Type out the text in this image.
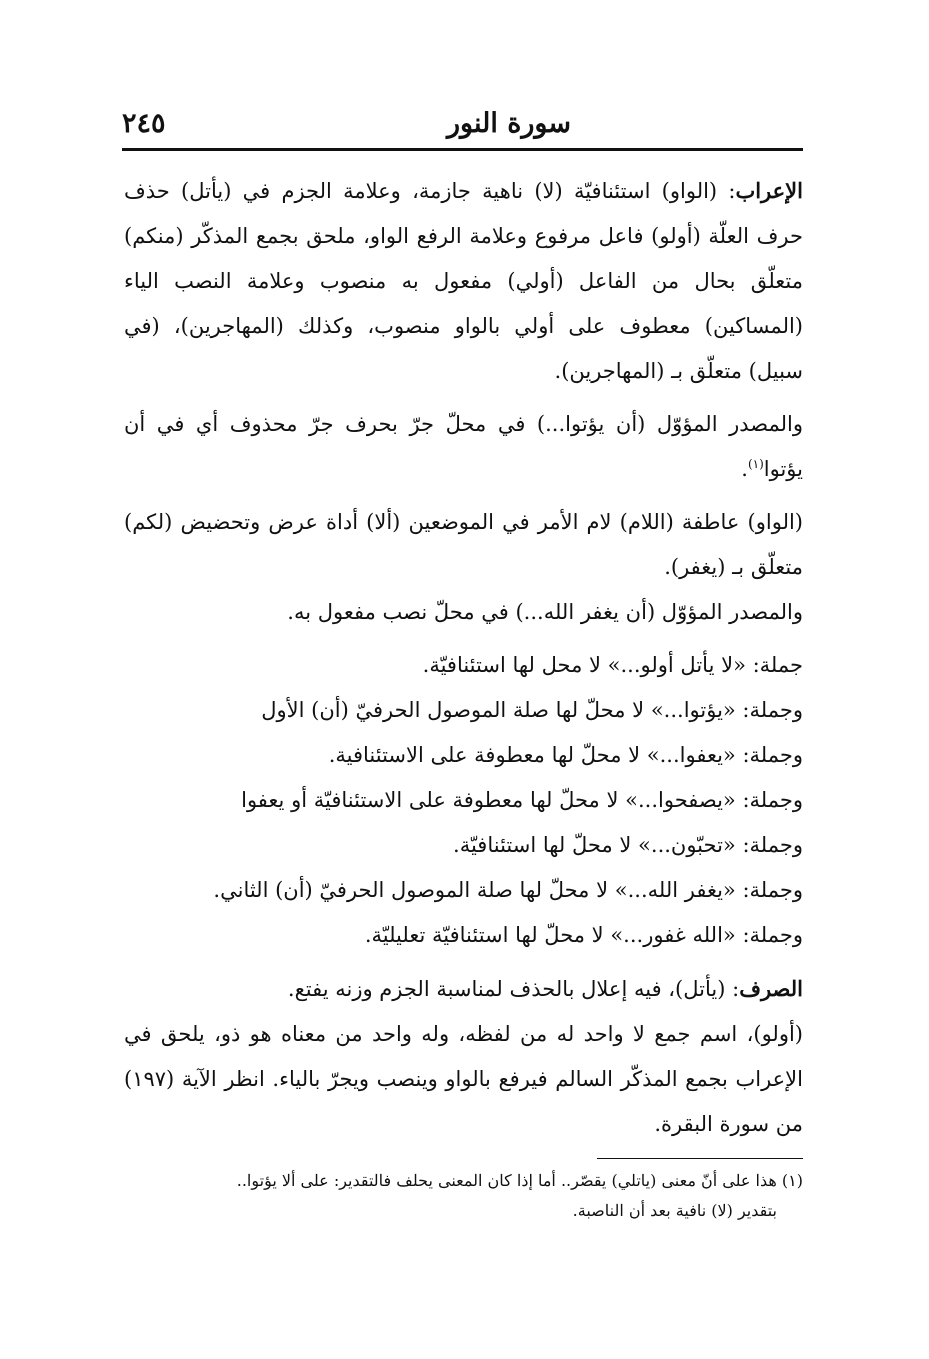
سورة النور
٢٤٥

الإعراب: (الواو) استئنافيّة (لا) ناهية جازمة، وعلامة الجزم في (يأتل) حذف حرف العلّة (أولو) فاعل مرفوع وعلامة الرفع الواو، ملحق بجمع المذكّر (منكم) متعلّق بحال من الفاعل (أولي) مفعول به منصوب وعلامة النصب الياء (المساكين) معطوف على أولي بالواو منصوب، وكذلك (المهاجرين)، (في سبيل) متعلّق بـ (المهاجرين).

والمصدر المؤوّل (أن يؤتوا...) في محلّ جرّ بحرف جرّ محذوف أي في أن يؤتوا$^{(١)}$.

(الواو) عاطفة (اللام) لام الأمر في الموضعين (ألا) أداة عرض وتحضيض (لكم) متعلّق بـ (يغفر).

والمصدر المؤوّل (أن يغفر الله...) في محلّ نصب مفعول به.

جملة: «لا يأتل أولو...» لا محل لها استئنافيّة.
وجملة: «يؤتوا...» لا محلّ لها صلة الموصول الحرفيّ (أن) الأول
وجملة: «يعفوا...» لا محلّ لها معطوفة على الاستئنافية.
وجملة: «يصفحوا...» لا محلّ لها معطوفة على الاستئنافيّة أو يعفوا
وجملة: «تحبّون...» لا محلّ لها استئنافيّة.
وجملة: «يغفر الله...» لا محلّ لها صلة الموصول الحرفيّ (أن) الثاني.
وجملة: «الله غفور...» لا محلّ لها استئنافيّة تعليليّة.

الصرف: (يأتل)، فيه إعلال بالحذف لمناسبة الجزم وزنه يفتع.

(أولو)، اسم جمع لا واحد له من لفظه، وله واحد من معناه هو ذو، يلحق في الإعراب بجمع المذكّر السالم فيرفع بالواو وينصب ويجرّ بالياء. انظر الآية (١٩٧) من سورة البقرة.

(١) هذا على أنّ معنى (ياتلي) يقصّر.. أما إذا كان المعنى يحلف فالتقدير: على ألا يؤتوا..
بتقدير (لا) نافية بعد أن الناصبة.
